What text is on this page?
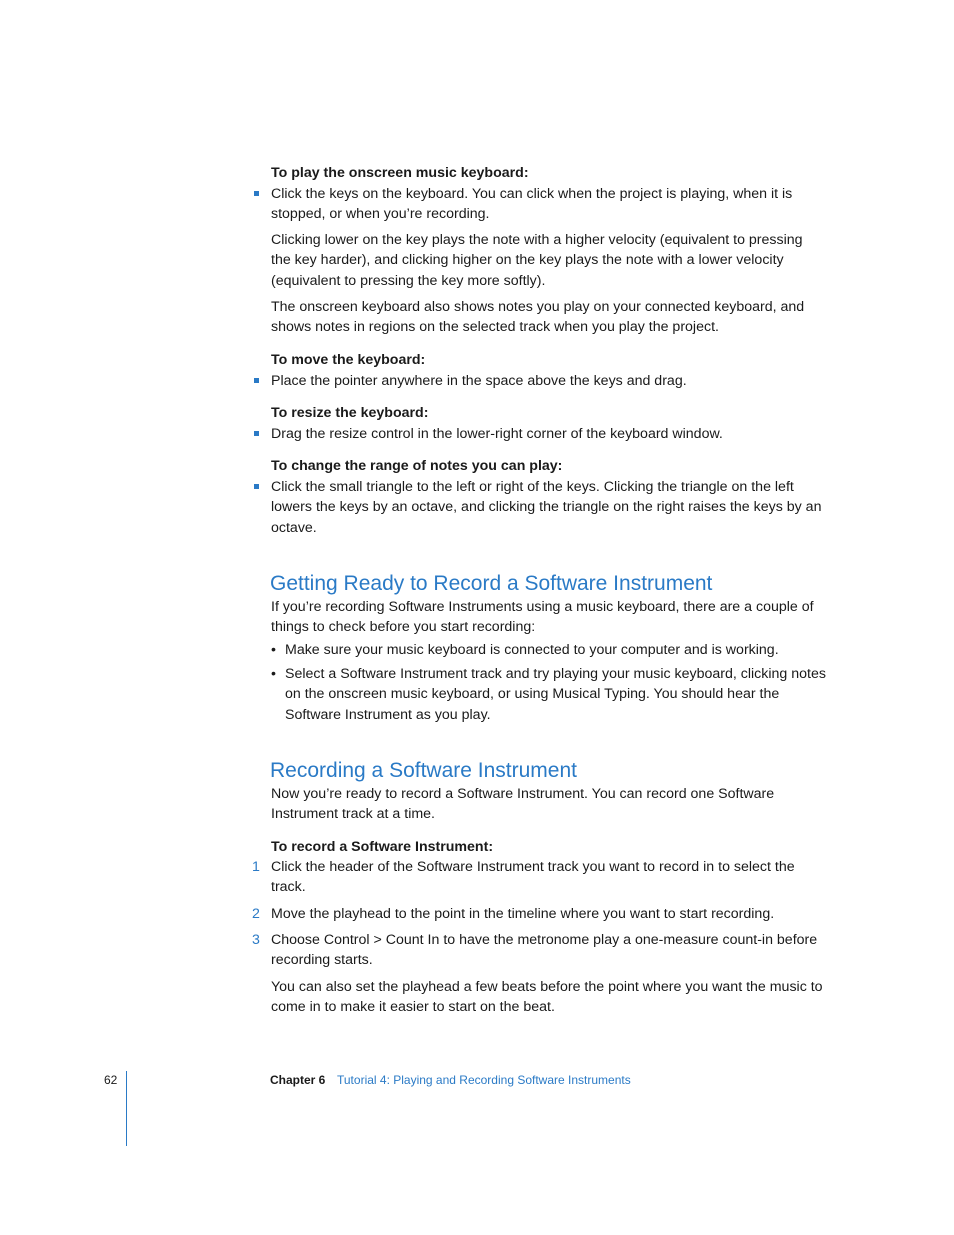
To play the onscreen music keyboard:
Click the keys on the keyboard. You can click when the project is playing, when it is stopped, or when you’re recording.
Clicking lower on the key plays the note with a higher velocity (equivalent to pressing the key harder), and clicking higher on the key plays the note with a lower velocity (equivalent to pressing the key more softly).
The onscreen keyboard also shows notes you play on your connected keyboard, and shows notes in regions on the selected track when you play the project.
To move the keyboard:
Place the pointer anywhere in the space above the keys and drag.
To resize the keyboard:
Drag the resize control in the lower-right corner of the keyboard window.
To change the range of notes you can play:
Click the small triangle to the left or right of the keys. Clicking the triangle on the left lowers the keys by an octave, and clicking the triangle on the right raises the keys by an octave.
Getting Ready to Record a Software Instrument
If you’re recording Software Instruments using a music keyboard, there are a couple of things to check before you start recording:
• Make sure your music keyboard is connected to your computer and is working.
• Select a Software Instrument track and try playing your music keyboard, clicking notes on the onscreen music keyboard, or using Musical Typing. You should hear the Software Instrument as you play.
Recording a Software Instrument
Now you’re ready to record a Software Instrument. You can record one Software Instrument track at a time.
To record a Software Instrument:
1 Click the header of the Software Instrument track you want to record in to select the track.
2 Move the playhead to the point in the timeline where you want to start recording.
3 Choose Control > Count In to have the metronome play a one-measure count-in before recording starts.
You can also set the playhead a few beats before the point where you want the music to come in to make it easier to start on the beat.
62	Chapter 6 Tutorial 4: Playing and Recording Software Instruments
